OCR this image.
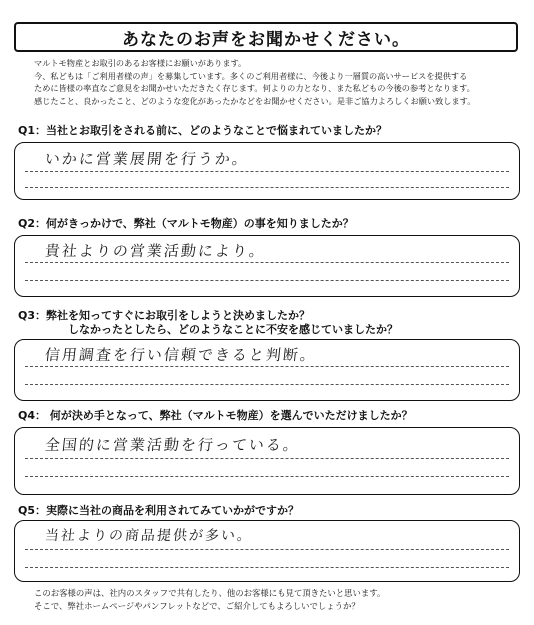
あなたのお声をお聞かせください。
マルトモ物産とお取引のあるお客様にお願いがあります。
今、私どもは「ご利用者様の声」を募集しています。多くのご利用者様に、今後より一層質の高いサービスを提供する
ために皆様の率直なご意見をお聞かせいただきたく存じます。何よりの力となり、また私どもの今後の参考となります。
感じたこと、良かったこと、どのような変化があったかなどをお聞かせください。是非ご協力よろしくお願い致します。
Q1：当社とお取引をされる前に、どのようなことで悩まれていましたか？
いかに営業展開を行うか。
Q2：何がきっかけで、弊社（マルトモ物産）の事を知りましたか？
貴社よりの営業活動により。
Q3：弊社を知ってすぐにお取引をしようと決めましたか？
しなかったとしたら、どのようなことに不安を感じていましたか？
信用調査を行い信頼できると判断。
Q4： 何が決め手となって、弊社（マルトモ物産）を選んでいただけましたか？
全国的に営業活動を行っている。
Q5：実際に当社の商品を利用されてみていかがですか？
当社よりの商品提供が多い。
このお客様の声は、社内のスタッフで共有したり、他のお客様にも見て頂きたいと思います。
そこで、弊社ホームページやパンフレットなどで、ご紹介してもよろしいでしょうか？
